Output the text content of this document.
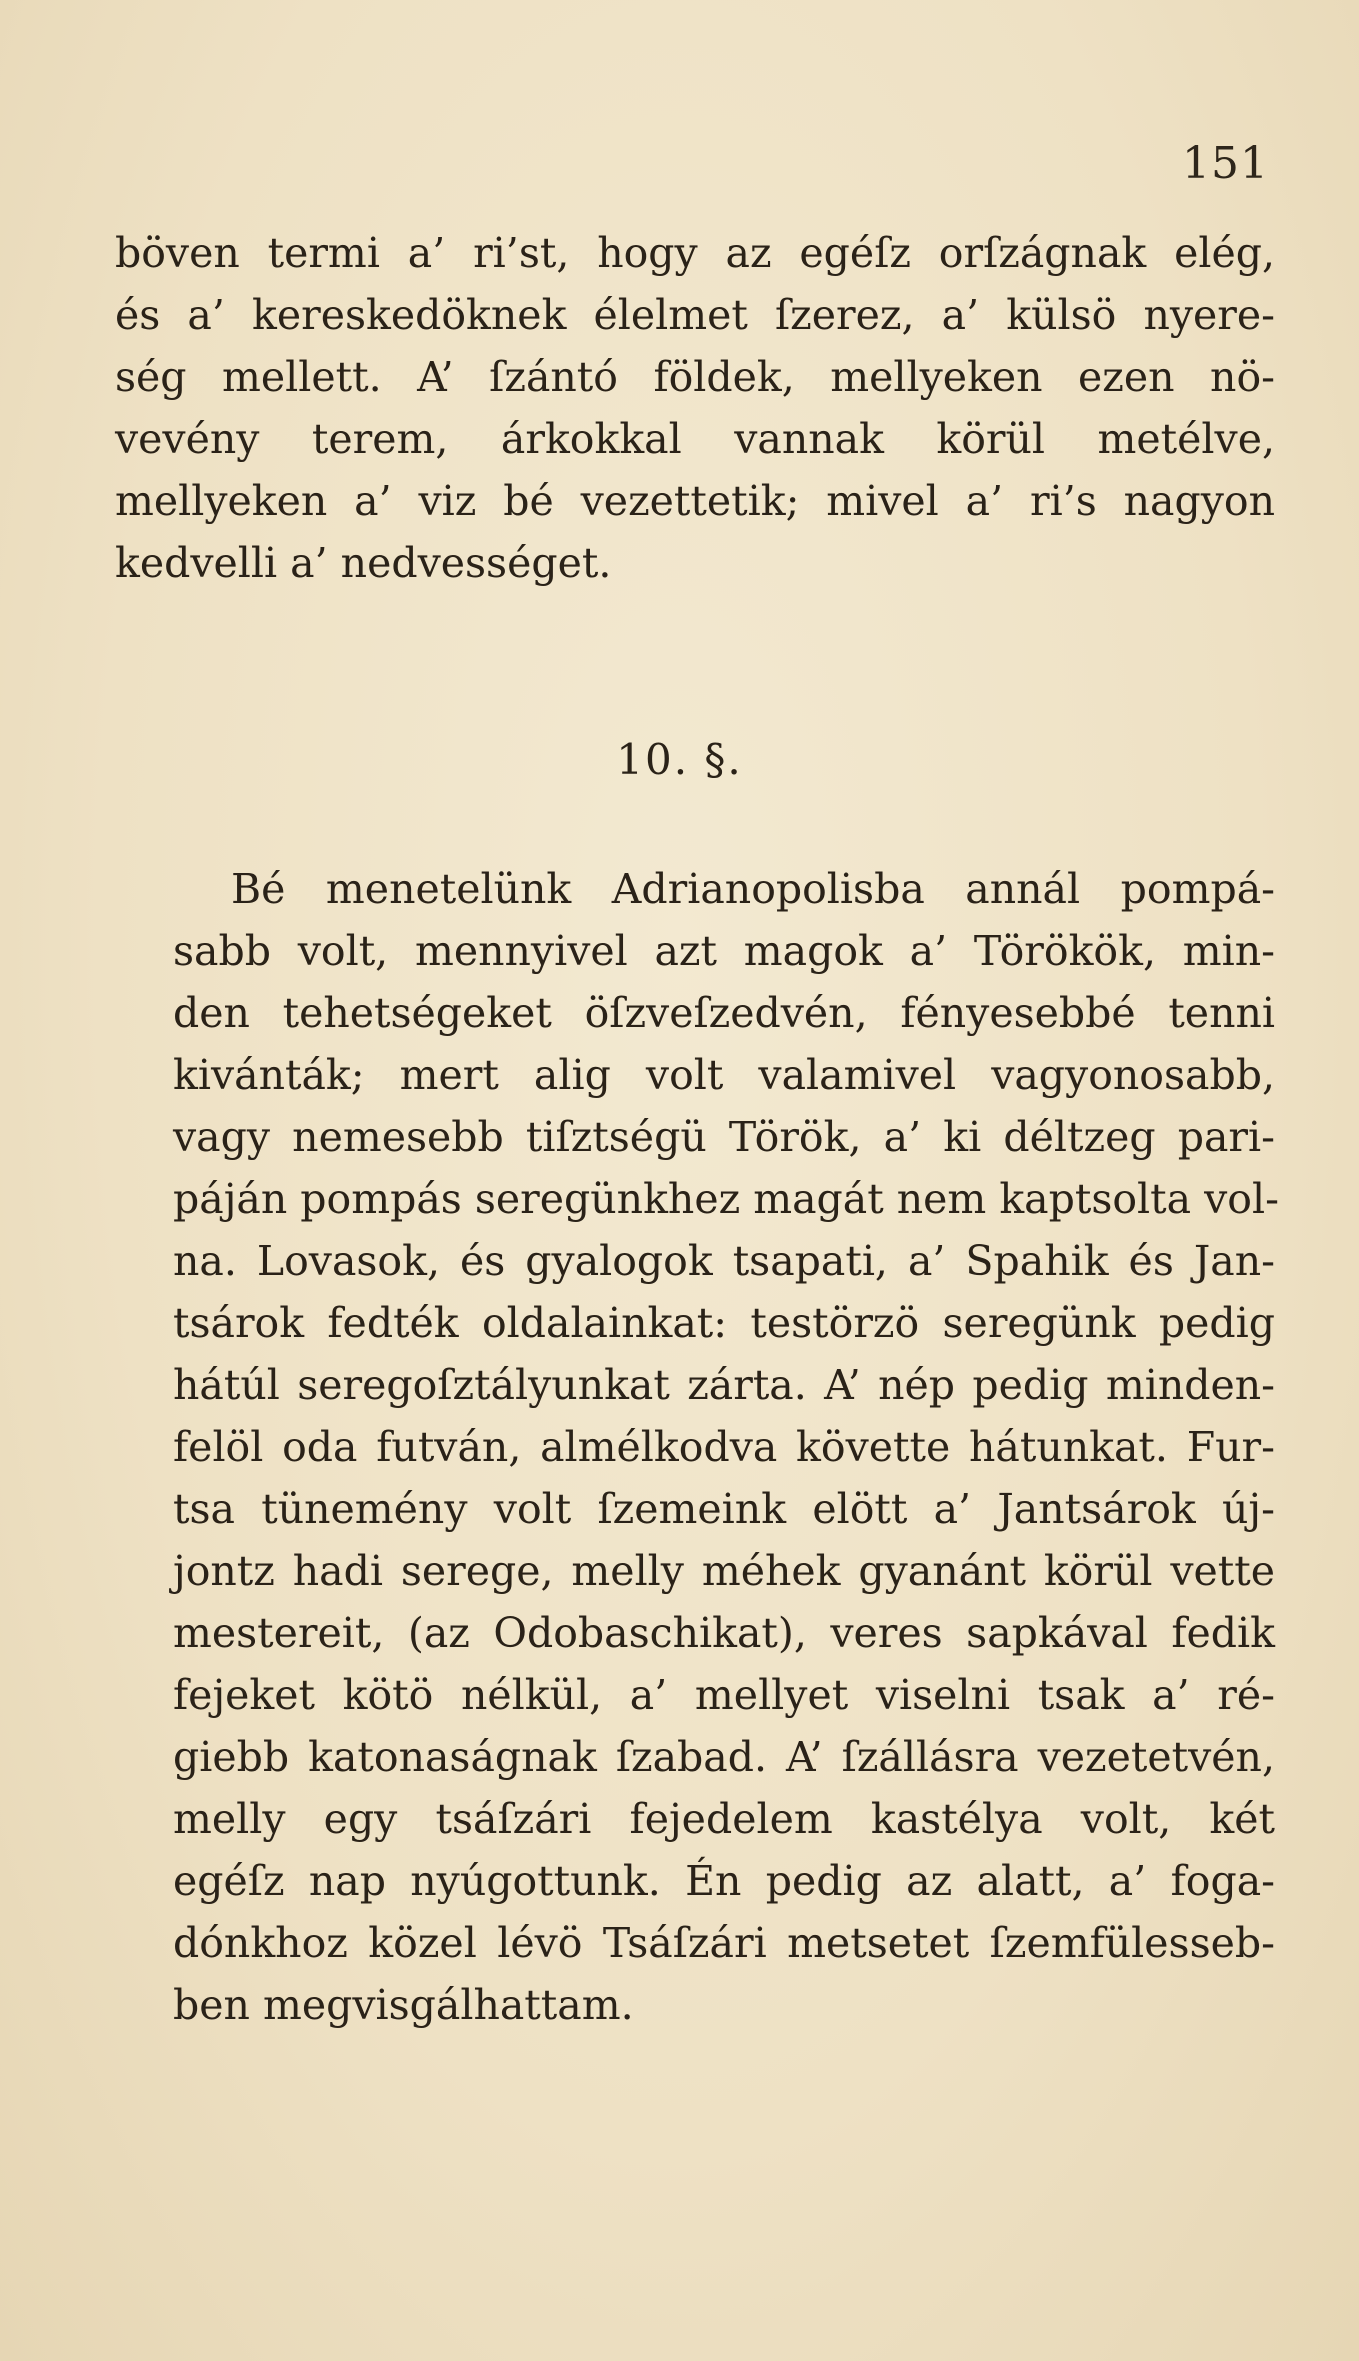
151

böven termi a’ ri’st, hogy az egéſz orſzágnak elég,
és a’ kereskedöknek élelmet ſzerez, a’ külsö nyere-
ség mellett. A’ ſzántó földek, mellyeken ezen nö-
vevény terem, árkokkal vannak körül metélve,
mellyeken a’ viz bé vezettetik; mivel a’ ri’s nagyon
kedvelli a’ nedvességet.

10. §.

Bé menetelünk Adrianopolisba annál pompá-
sabb volt, mennyivel azt magok a’ Törökök, min-
den tehetségeket öſzveſzedvén, fényesebbé tenni
kivánták; mert alig volt valamivel vagyonosabb,
vagy nemesebb tiſztségü Török, a’ ki déltzeg pari-
páján pompás seregünkhez magát nem kaptsolta vol-
na. Lovasok, és gyalogok tsapati, a’ Spahik és Jan-
tsárok fedték oldalainkat: testörzö seregünk pedig
hátúl seregoſztályunkat zárta. A’ nép pedig minden-
felöl oda futván, almélkodva követte hátunkat. Fur-
tsa tünemény volt ſzemeink elött a’ Jantsárok új-
jontz hadi serege, melly méhek gyanánt körül vette
mestereit, (az Odobaschikat), veres sapkával fedik
fejeket kötö nélkül, a’ mellyet viselni tsak a’ ré-
giebb katonaságnak ſzabad. A’ ſzállásra vezetetvén,
melly egy tsáſzári fejedelem kastélya volt, két
egéſz nap nyúgottunk. Én pedig az alatt, a’ foga-
dónkhoz közel lévö Tsáſzári metsetet ſzemfülesseb-
ben megvisgálhattam.
